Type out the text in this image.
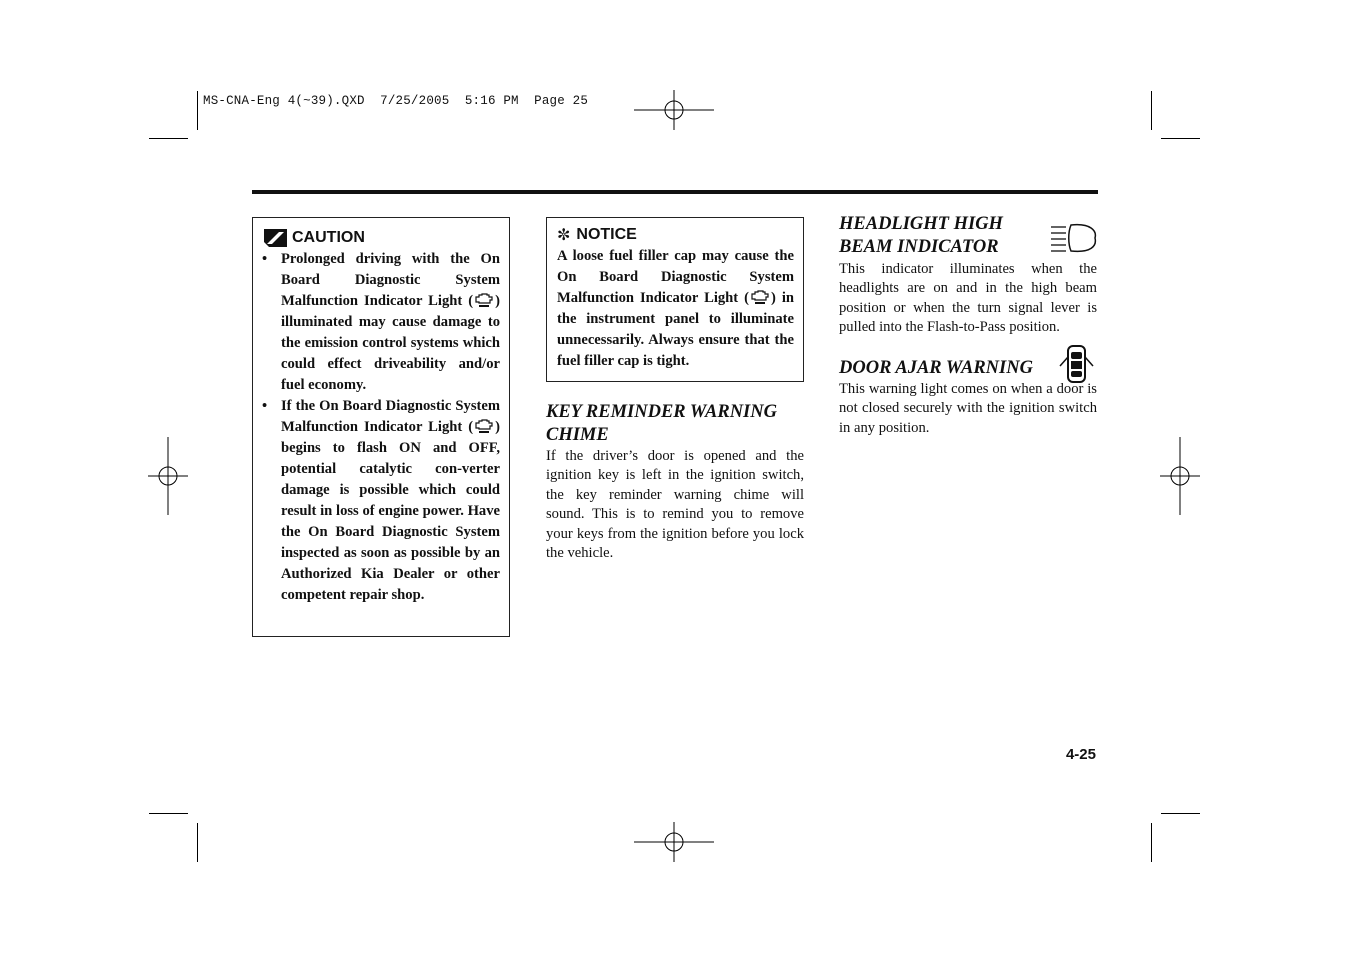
MS-CNA-Eng 4(~39).QXD  7/25/2005  5:16 PM  Page 25
CAUTION
• Prolonged driving with the On Board Diagnostic System Malfunction Indicator Light ( ) illuminated may cause damage to the emission control systems which could effect driveability and/or fuel economy.
• If the On Board Diagnostic System Malfunction Indicator Light ( ) begins to flash ON and OFF, potential catalytic con-verter damage is possible which could result in loss of engine power. Have the On Board Diagnostic System inspected as soon as possible by an Authorized Kia Dealer or other competent repair shop.
✼ NOTICE
A loose fuel filler cap may cause the On Board Diagnostic System Malfunction Indicator Light ( ) in the instrument panel to illuminate unnecessarily. Always ensure that the fuel filler cap is tight.
KEY REMINDER WARNING
CHIME
If the driver’s door is opened and the ignition key is left in the ignition switch, the key reminder warning chime will sound. This is to remind you to remove your keys from the ignition before you lock the vehicle.
HEADLIGHT HIGH
BEAM INDICATOR
This indicator illuminates when the headlights are on and in the high beam position or when the turn signal lever is pulled into the Flash-to-Pass position.
DOOR AJAR WARNING
This warning light comes on when a door is not closed securely with the ignition switch in any position.
4-25
